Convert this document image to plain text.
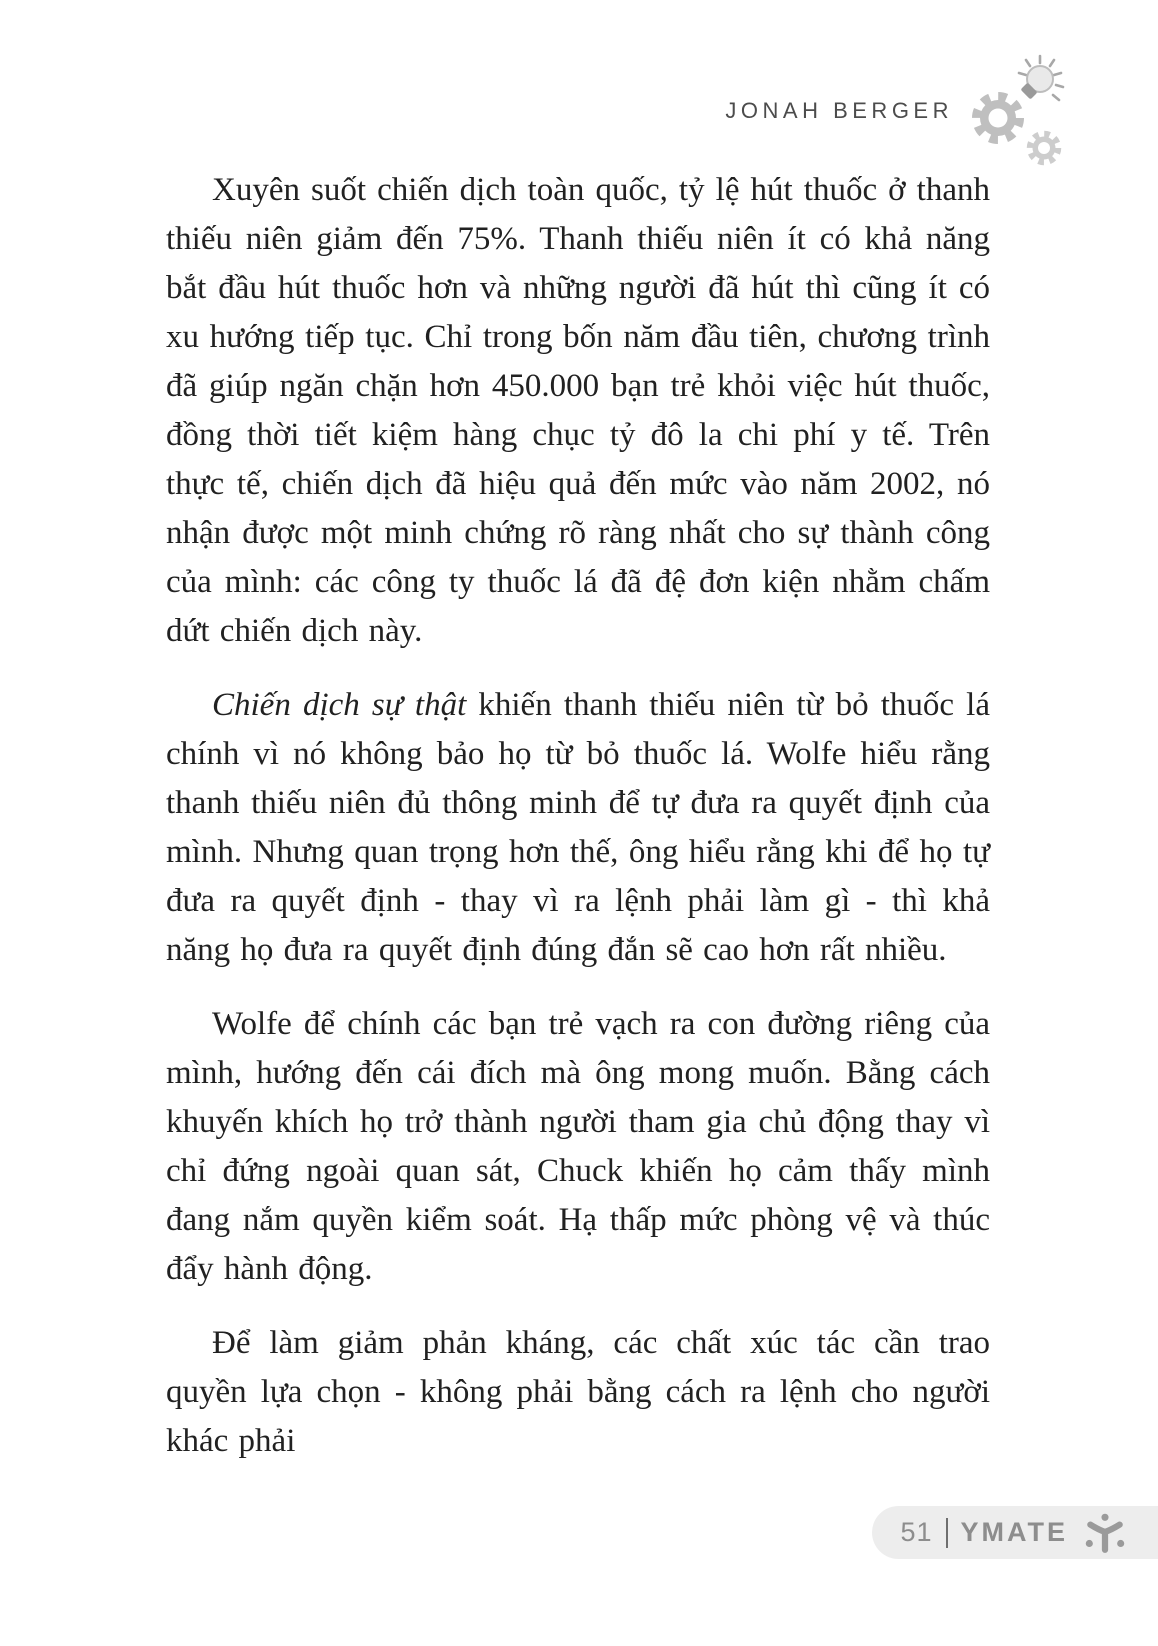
JONAH BERGER

Xuyên suốt chiến dịch toàn quốc, tỷ lệ hút thuốc ở thanh thiếu niên giảm đến 75%. Thanh thiếu niên ít có khả năng bắt đầu hút thuốc hơn và những người đã hút thì cũng ít có xu hướng tiếp tục. Chỉ trong bốn năm đầu tiên, chương trình đã giúp ngăn chặn hơn 450.000 bạn trẻ khỏi việc hút thuốc, đồng thời tiết kiệm hàng chục tỷ đô la chi phí y tế. Trên thực tế, chiến dịch đã hiệu quả đến mức vào năm 2002, nó nhận được một minh chứng rõ ràng nhất cho sự thành công của mình: các công ty thuốc lá đã đệ đơn kiện nhằm chấm dứt chiến dịch này.

Chiến dịch sự thật khiến thanh thiếu niên từ bỏ thuốc lá chính vì nó không bảo họ từ bỏ thuốc lá. Wolfe hiểu rằng thanh thiếu niên đủ thông minh để tự đưa ra quyết định của mình. Nhưng quan trọng hơn thế, ông hiểu rằng khi để họ tự đưa ra quyết định - thay vì ra lệnh phải làm gì - thì khả năng họ đưa ra quyết định đúng đắn sẽ cao hơn rất nhiều.

Wolfe để chính các bạn trẻ vạch ra con đường riêng của mình, hướng đến cái đích mà ông mong muốn. Bằng cách khuyến khích họ trở thành người tham gia chủ động thay vì chỉ đứng ngoài quan sát, Chuck khiến họ cảm thấy mình đang nắm quyền kiểm soát. Hạ thấp mức phòng vệ và thúc đẩy hành động.

Để làm giảm phản kháng, các chất xúc tác cần trao quyền lựa chọn - không phải bằng cách ra lệnh cho người khác phải

51 YMATE
